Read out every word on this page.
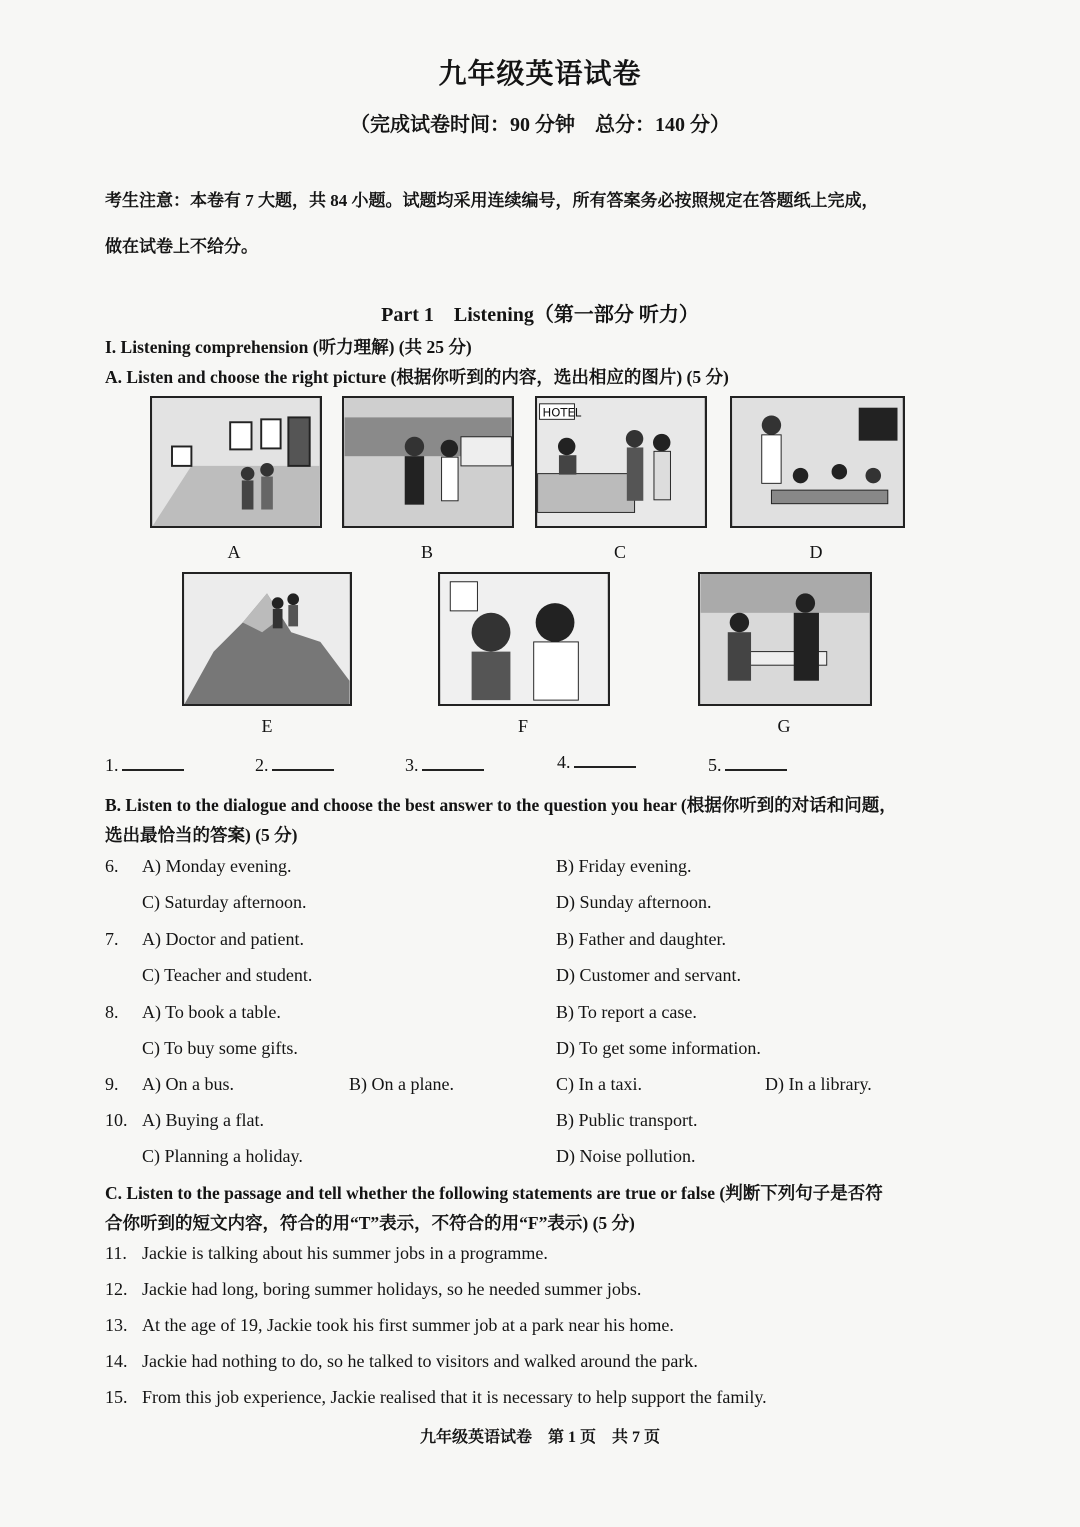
九年级英语试卷
（完成试卷时间：90 分钟　总分：140 分）
考生注意：本卷有 7 大题，共 84 小题。试题均采用连续编号，所有答案务必按照规定在答题纸上完成，
做在试卷上不给分。
Part 1　Listening（第一部分 听力）
I. Listening comprehension (听力理解) (共 25 分)
A. Listen and choose the right picture (根据你听到的内容，选出相应的图片) (5 分)
HOTEL
A	B	C	D
E	F	G
1.	2.	3.	4.	5.
B. Listen to the dialogue and choose the best answer to the question you hear (根据你听到的对话和问题，
选出最恰当的答案) (5 分)
6. A) Monday evening.	B) Friday evening.
C) Saturday afternoon.	D) Sunday afternoon.
7. A) Doctor and patient.	B) Father and daughter.
C) Teacher and student.	D) Customer and servant.
8. A) To book a table.	B) To report a case.
C) To buy some gifts.	D) To get some information.
9. A) On a bus.	B) On a plane.	C) In a taxi.	D) In a library.
10. A) Buying a flat.	B) Public transport.
C) Planning a holiday.	D) Noise pollution.
C. Listen to the passage and tell whether the following statements are true or false (判断下列句子是否符
合你听到的短文内容，符合的用“T”表示，不符合的用“F”表示) (5 分)
11. Jackie is talking about his summer jobs in a programme.
12. Jackie had long, boring summer holidays, so he needed summer jobs.
13. At the age of 19, Jackie took his first summer job at a park near his home.
14. Jackie had nothing to do, so he talked to visitors and walked around the park.
15. From this job experience, Jackie realised that it is necessary to help support the family.
九年级英语试卷　第 1 页　共 7 页
